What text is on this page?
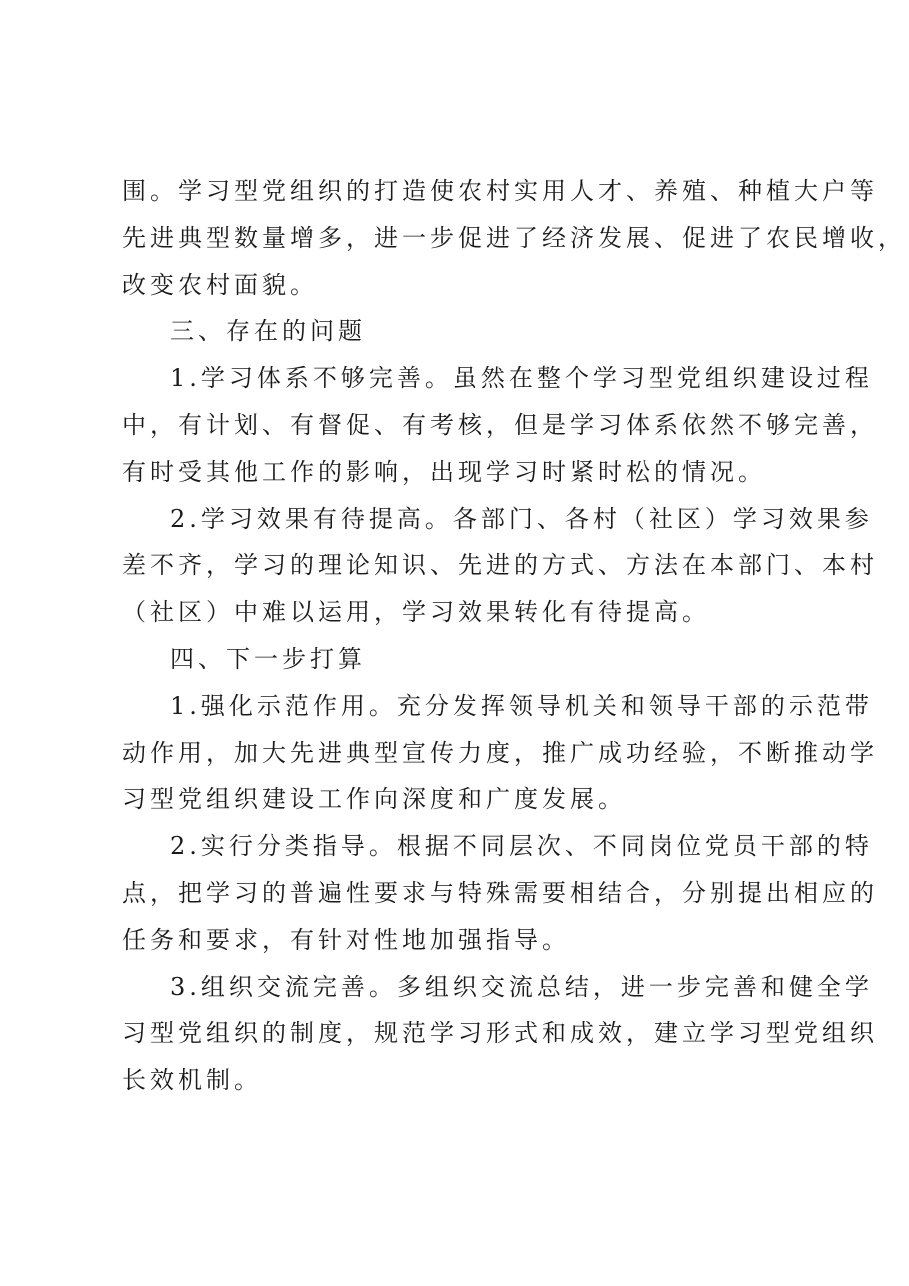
围。学习型党组织的打造使农村实用人才、养殖、种植大户等
先进典型数量增多，进一步促进了经济发展、促进了农民增收，
改变农村面貌。

三、存在的问题

1.学习体系不够完善。虽然在整个学习型党组织建设过程
中，有计划、有督促、有考核，但是学习体系依然不够完善，
有时受其他工作的影响，出现学习时紧时松的情况。

2.学习效果有待提高。各部门、各村（社区）学习效果参
差不齐，学习的理论知识、先进的方式、方法在本部门、本村
（社区）中难以运用，学习效果转化有待提高。

四、下一步打算

1.强化示范作用。充分发挥领导机关和领导干部的示范带
动作用，加大先进典型宣传力度，推广成功经验，不断推动学
习型党组织建设工作向深度和广度发展。

2.实行分类指导。根据不同层次、不同岗位党员干部的特
点，把学习的普遍性要求与特殊需要相结合，分别提出相应的
任务和要求，有针对性地加强指导。

3.组织交流完善。多组织交流总结，进一步完善和健全学
习型党组织的制度，规范学习形式和成效，建立学习型党组织
长效机制。
